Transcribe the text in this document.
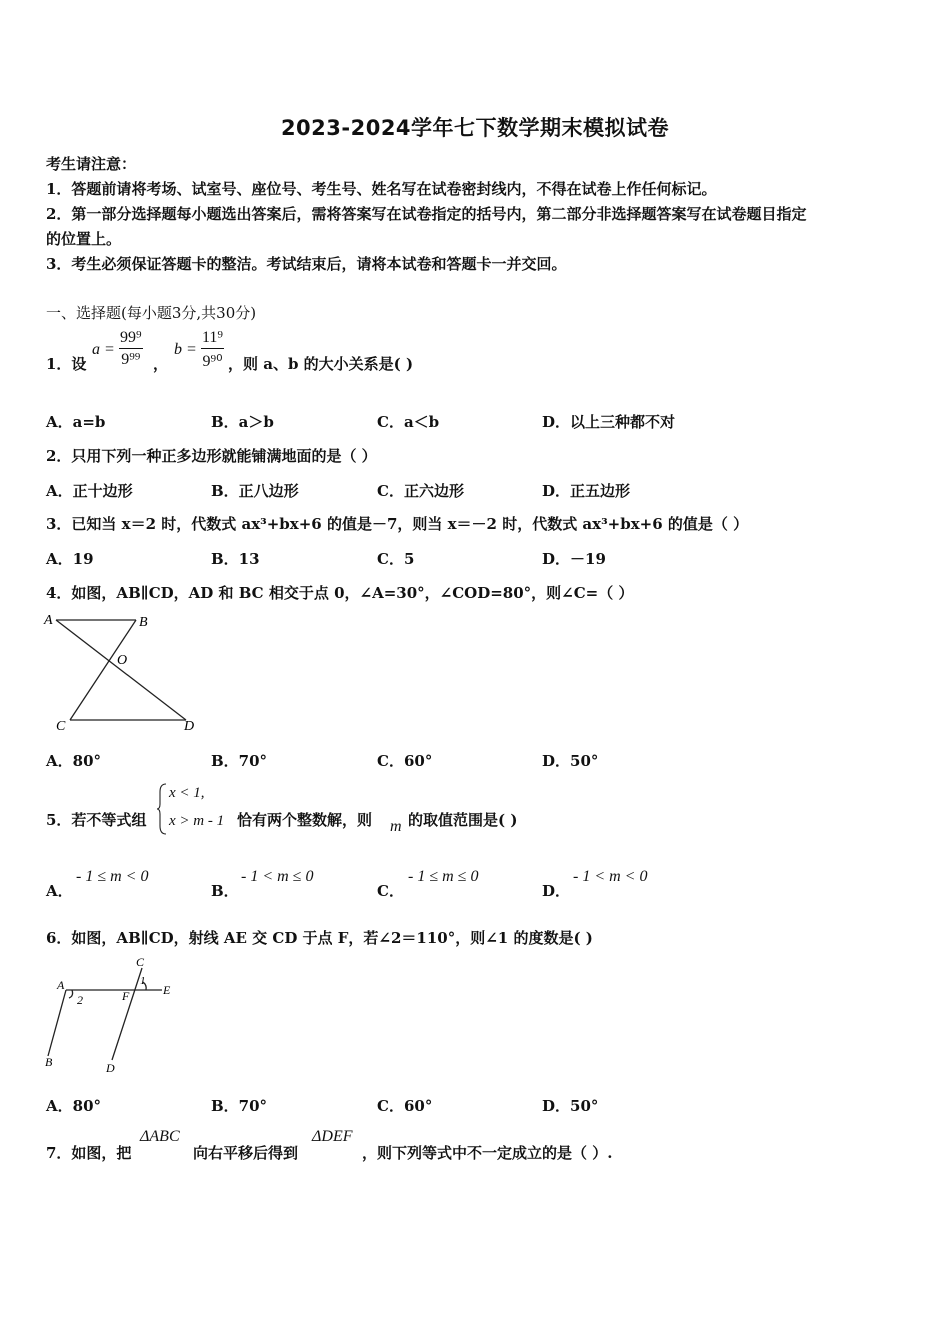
2023-2024学年七下数学期末模拟试卷
考生请注意：
1．答题前请将考场、试室号、座位号、考生号、姓名写在试卷密封线内，不得在试卷上作任何标记。
2．第一部分选择题每小题选出答案后，需将答案写在试卷指定的括号内，第二部分非选择题答案写在试卷题目指定
的位置上。
3．考生必须保证答题卡的整洁。考试结束后，请将本试卷和答题卡一并交回。
一、选择题(每小题3分,共30分)
1．设
$a = \frac{\text{99⁹}}{\text{9⁹⁹}}$ ，
$b = \frac{\text{11⁹}}{\text{9⁹⁰}}$ ，则 a、b 的大小关系是( )
A．a=b	B．a＞b	C．a＜b	D．以上三种都不对
2．只用下列一种正多边形就能铺满地面的是（ ）
A．正十边形	B．正八边形	C．正六边形	D．正五边形
3．已知当 x＝2 时，代数式 ax³+bx+6 的值是－7，则当 x＝－2 时，代数式 ax³+bx+6 的值是（ ）
A．19	B．13	C．5	D．－19
4．如图，AB∥CD，AD 和 BC 相交于点 0，∠A=30°，∠COD=80°，则∠C=（ ）
A	B
O
C	D
A．80°	B．70°	C．60°	D．50°
5．若不等式组
x < 1,
x > m - 1 恰有两个整数解，则 m 的取值范围是( )
A．
- 1 ≤ m < 0
B．
- 1 < m ≤ 0
C．
- 1 ≤ m ≤ 0
D．
- 1 < m < 0
6．如图，AB∥CD，射线 AE 交 CD 于点 F，若∠2＝110°，则∠1 的度数是( )
C
A
2	F
1
E
B	D
A．80°	B．70°	C．60°	D．50°
7．如图，把
ΔABC
向右平移后得到
ΔDEF
，则下列等式中不一定成立的是（ ）.
